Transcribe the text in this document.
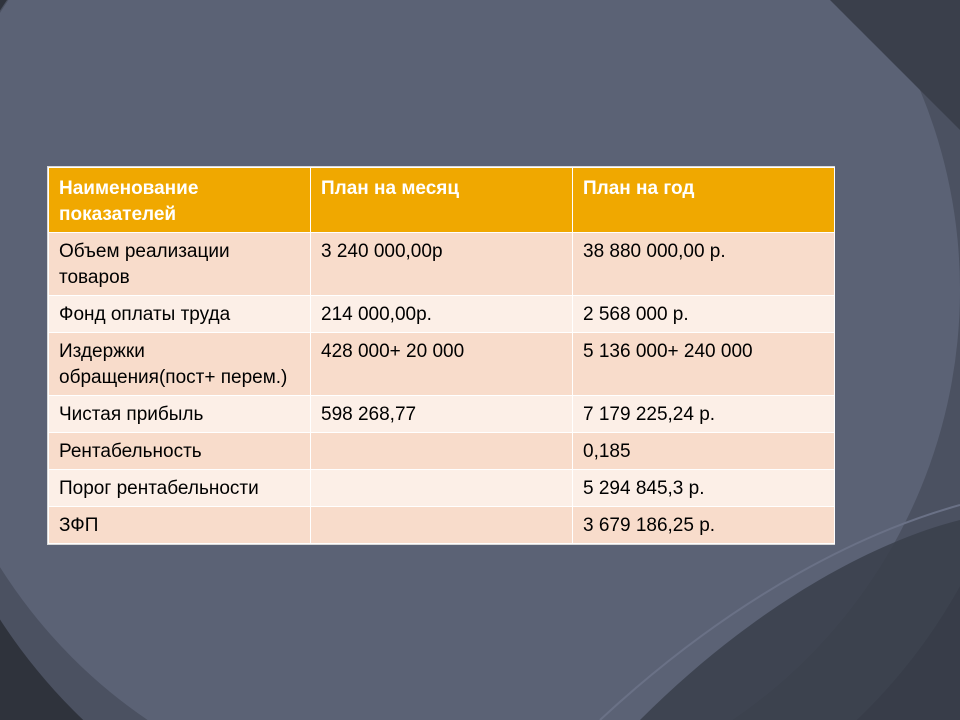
Наименование показателей	План на месяц	План на год
Объем реализации товаров	3 240 000,00р	38 880 000,00 р.
Фонд оплаты труда	214 000,00р.	2 568 000 р.
Издержки обращения(пост+ перем.)	428 000+ 20 000	5 136 000+ 240 000
Чистая прибыль	598 268,77	7 179 225,24 р.
Рентабельность		0,185
Порог рентабельности		5 294 845,3 р.
ЗФП		3 679 186,25 р.
